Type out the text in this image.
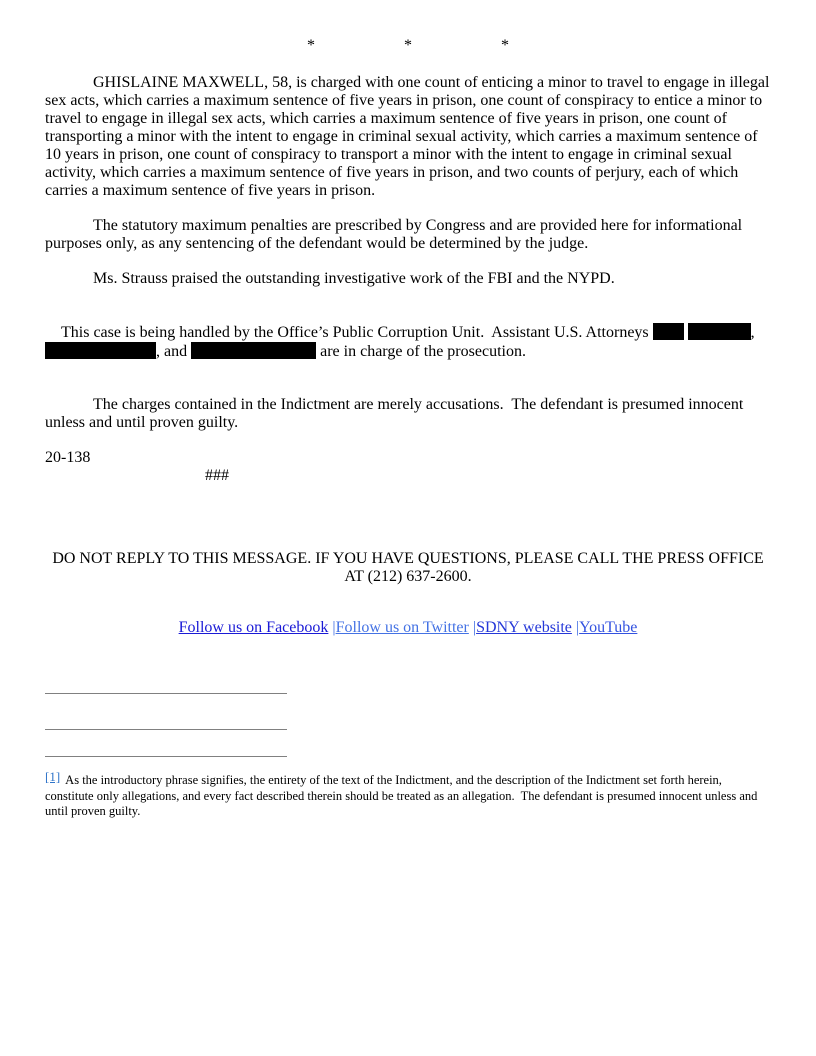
*	*	*

GHISLAINE MAXWELL, 58, is charged with one count of enticing a minor to travel to engage in illegal sex acts, which carries a maximum sentence of five years in prison, one count of conspiracy to entice a minor to travel to engage in illegal sex acts, which carries a maximum sentence of five years in prison, one count of transporting a minor with the intent to engage in criminal sexual activity, which carries a maximum sentence of 10 years in prison, one count of conspiracy to transport a minor with the intent to engage in criminal sexual activity, which carries a maximum sentence of five years in prison, and two counts of perjury, each of which carries a maximum sentence of five years in prison.

The statutory maximum penalties are prescribed by Congress and are provided here for informational purposes only, as any sentencing of the defendant would be determined by the judge.

Ms. Strauss praised the outstanding investigative work of the FBI and the NYPD.

This case is being handled by the Office’s Public Corruption Unit.  Assistant U.S. Attorneys	, , and	are in charge of the prosecution.

The charges contained in the Indictment are merely accusations.  The defendant is presumed innocent unless and until proven guilty.

20-138
###
DO NOT REPLY TO THIS MESSAGE. IF YOU HAVE QUESTIONS, PLEASE CALL THE PRESS OFFICE
AT (212) 637-2600.
Follow us on Facebook |Follow us on Twitter |SDNY website |YouTube
[1] As the introductory phrase signifies, the entirety of the text of the Indictment, and the description of the Indictment set forth herein, constitute only allegations, and every fact described therein should be treated as an allegation.  The defendant is presumed innocent unless and until proven guilty.
